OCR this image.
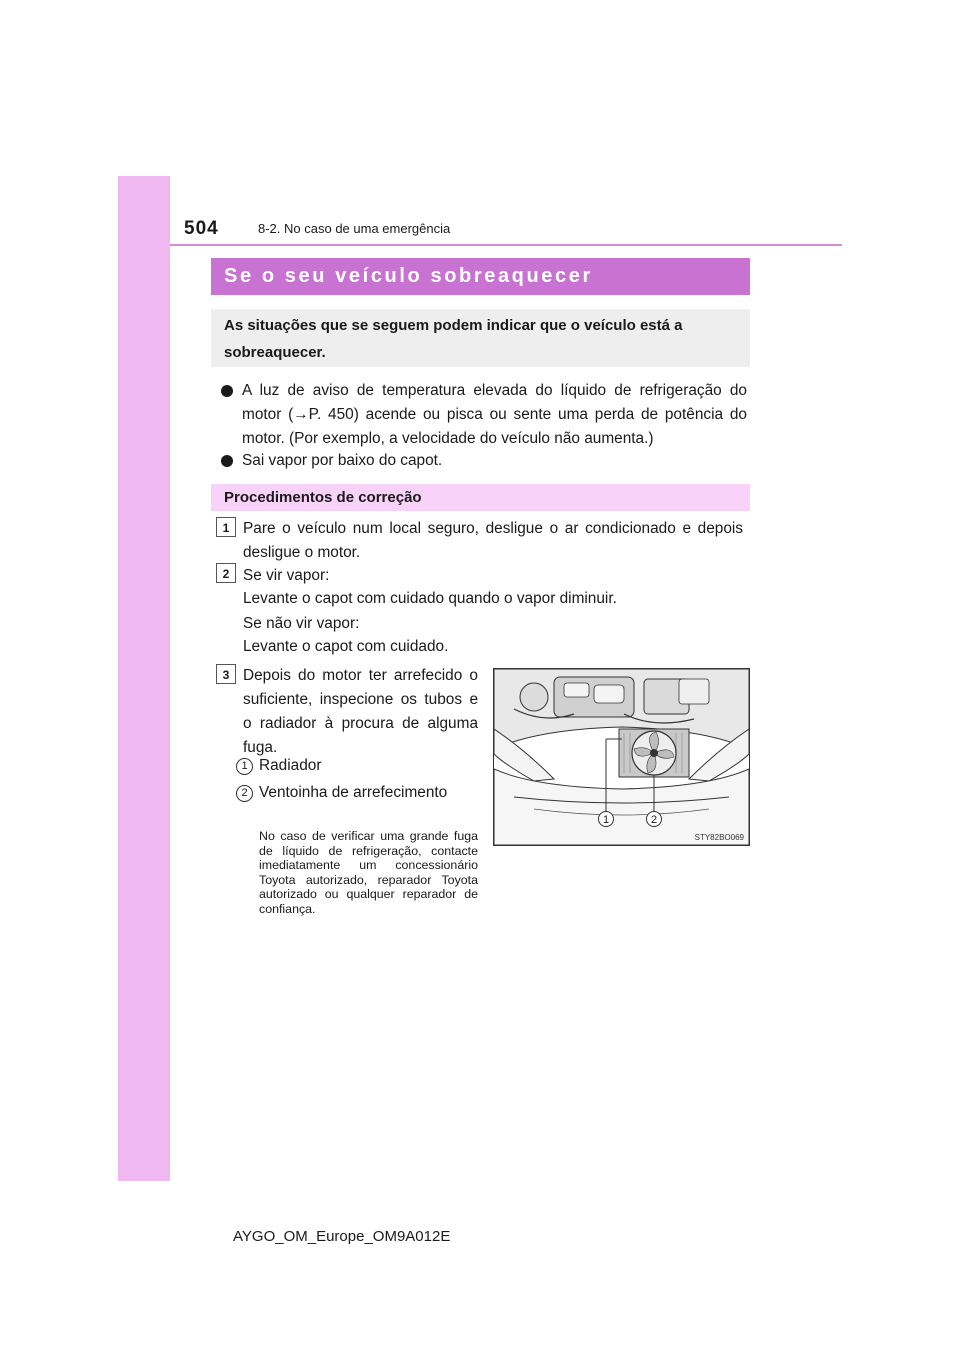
504	8-2. No caso de uma emergência
Se o seu veículo sobreaquecer
As situações que se seguem podem indicar que o veículo está a sobreaquecer.
A luz de aviso de temperatura elevada do líquido de refrigeração do motor (→P. 450) acende ou pisca ou sente uma perda de potência do motor. (Por exemplo, a velocidade do veículo não aumenta.)
Sai vapor por baixo do capot.
Procedimentos de correção
1 Pare o veículo num local seguro, desligue o ar condicionado e depois desligue o motor.
2 Se vir vapor:
Levante o capot com cuidado quando o vapor diminuir.
Se não vir vapor:
Levante o capot com cuidado.
3 Depois do motor ter arrefecido o suficiente, inspecione os tubos e o radiador à procura de alguma fuga.
1 Radiador
2 Ventoinha de arrefecimento
No caso de verificar uma grande fuga de líquido de refrigeração, contacte imediatamente um concessionário Toyota autorizado, reparador Toyota autorizado ou qualquer reparador de confiança.
1	2
STY82BO069
AYGO_OM_Europe_OM9A012E
